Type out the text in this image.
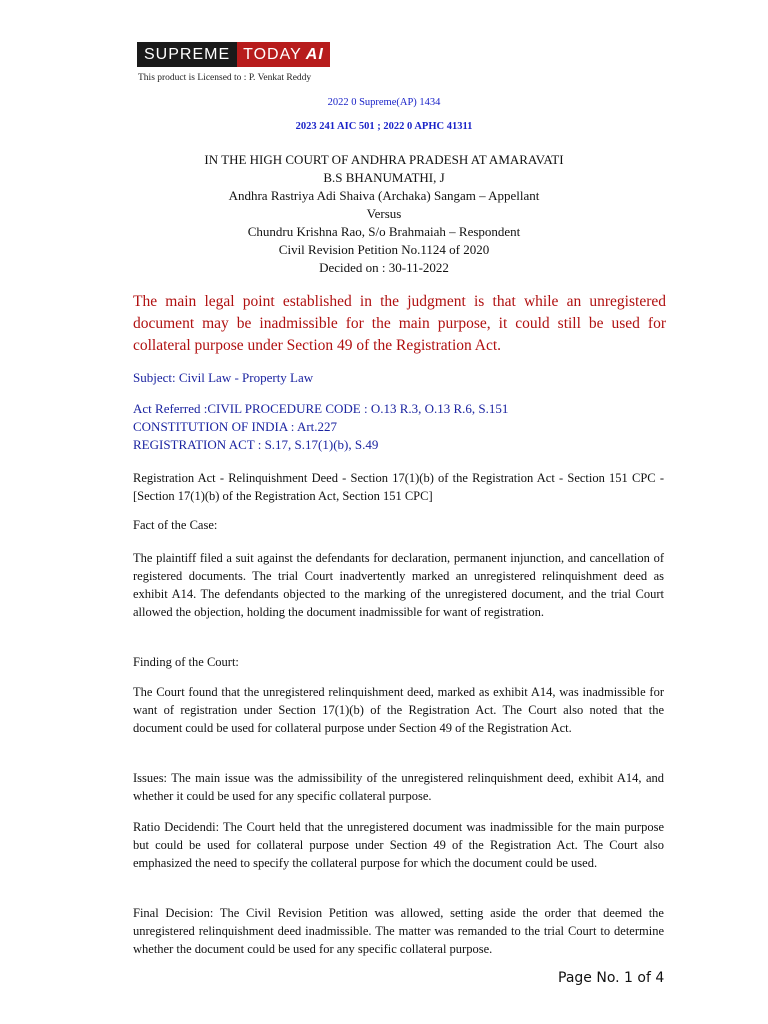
SUPREME TODAY AI
This product is Licensed to : P. Venkat Reddy
2022 0 Supreme(AP) 1434
2023 241 AIC 501 ; 2022 0 APHC 41311
IN THE HIGH COURT OF ANDHRA PRADESH AT AMARAVATI
B.S BHANUMATHI, J
Andhra Rastriya Adi Shaiva (Archaka) Sangam – Appellant
Versus
Chundru Krishna Rao, S/o Brahmaiah – Respondent
Civil Revision Petition No.1124 of 2020
Decided on : 30-11-2022
The main legal point established in the judgment is that while an unregistered document may be inadmissible for the main purpose, it could still be used for collateral purpose under Section 49 of the Registration Act.
Subject: Civil Law - Property Law
Act Referred :CIVIL PROCEDURE CODE : O.13 R.3, O.13 R.6, S.151
CONSTITUTION OF INDIA : Art.227
REGISTRATION ACT : S.17, S.17(1)(b), S.49
Registration Act - Relinquishment Deed - Section 17(1)(b) of the Registration Act - Section 151 CPC - [Section 17(1)(b) of the Registration Act, Section 151 CPC]
Fact of the Case:
The plaintiff filed a suit against the defendants for declaration, permanent injunction, and cancellation of registered documents. The trial Court inadvertently marked an unregistered relinquishment deed as exhibit A14. The defendants objected to the marking of the unregistered document, and the trial Court allowed the objection, holding the document inadmissible for want of registration.
Finding of the Court:
The Court found that the unregistered relinquishment deed, marked as exhibit A14, was inadmissible for want of registration under Section 17(1)(b) of the Registration Act. The Court also noted that the document could be used for collateral purpose under Section 49 of the Registration Act.
Issues: The main issue was the admissibility of the unregistered relinquishment deed, exhibit A14, and whether it could be used for any specific collateral purpose.
Ratio Decidendi: The Court held that the unregistered document was inadmissible for the main purpose but could be used for collateral purpose under Section 49 of the Registration Act. The Court also emphasized the need to specify the collateral purpose for which the document could be used.
Final Decision: The Civil Revision Petition was allowed, setting aside the order that deemed the unregistered relinquishment deed inadmissible. The matter was remanded to the trial Court to determine whether the document could be used for any specific collateral purpose.
Page No. 1 of 4
